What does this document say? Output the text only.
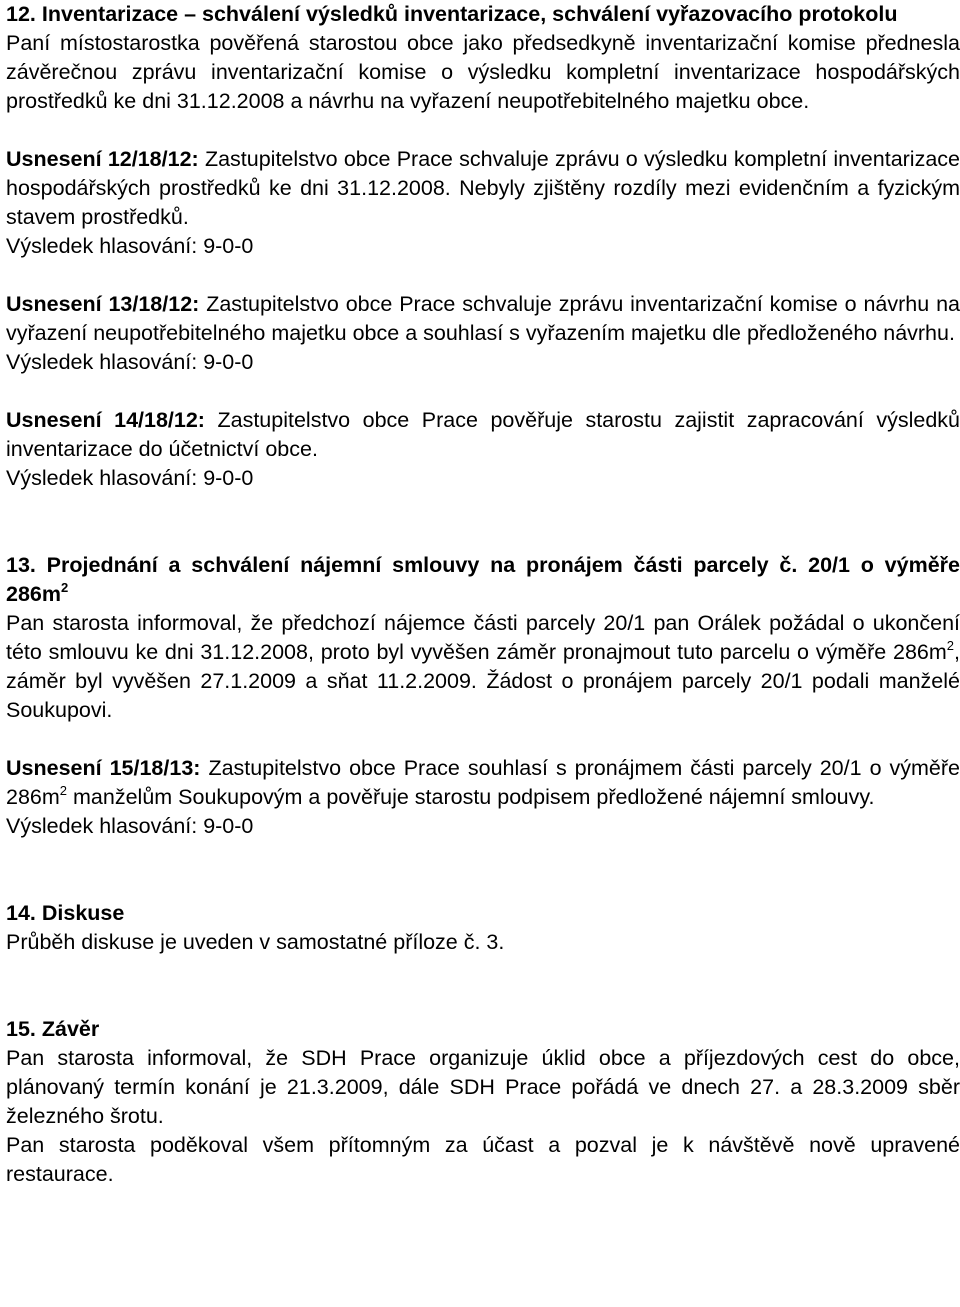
12. Inventarizace – schválení výsledků inventarizace, schválení vyřazovacího protokolu

Paní místostarostka pověřená starostou obce jako předsedkyně inventarizační komise přednesla závěrečnou zprávu inventarizační komise o výsledku kompletní inventarizace hospodářských prostředků ke dni 31.12.2008 a návrhu na vyřazení neupotřebitelného majetku obce.

Usnesení 12/18/12: Zastupitelstvo obce Prace schvaluje zprávu o výsledku kompletní inventarizace hospodářských prostředků ke dni 31.12.2008. Nebyly zjištěny rozdíly mezi evidenčním a fyzickým stavem prostředků.

Výsledek hlasování: 9-0-0

Usnesení 13/18/12: Zastupitelstvo obce Prace schvaluje zprávu inventarizační komise o návrhu na vyřazení neupotřebitelného majetku obce a souhlasí s vyřazením majetku dle předloženého návrhu.

Výsledek hlasování: 9-0-0

Usnesení 14/18/12: Zastupitelstvo obce Prace pověřuje starostu zajistit zapracování výsledků inventarizace do účetnictví obce.

Výsledek hlasování: 9-0-0

13. Projednání a schválení nájemní smlouvy na pronájem části parcely č. 20/1 o výměře $286m^2$

Pan starosta informoval, že předchozí nájemce části parcely 20/1 pan Orálek požádal o ukončení této smlouvu ke dni 31.12.2008, proto byl vyvěšen záměr pronajmout tuto parcelu o výměře $286m^2$, záměr byl vyvěšen 27.1.2009 a sňat 11.2.2009. Žádost o pronájem parcely 20/1 podali manželé Soukupovi.

Usnesení 15/18/13: Zastupitelstvo obce Prace souhlasí s pronájmem části parcely 20/1 o výměře $286m^2$ manželům Soukupovým a pověřuje starostu podpisem předložené nájemní smlouvy.

Výsledek hlasování: 9-0-0

14. Diskuse

Průběh diskuse je uveden v samostatné příloze č. 3.

15. Závěr

Pan starosta informoval, že SDH Prace organizuje úklid obce a příjezdových cest do obce, plánovaný termín konání je 21.3.2009, dále SDH Prace pořádá ve dnech 27. a 28.3.2009 sběr železného šrotu.

Pan starosta poděkoval všem přítomným za účast a pozval je k návštěvě nově upravené restaurace.
